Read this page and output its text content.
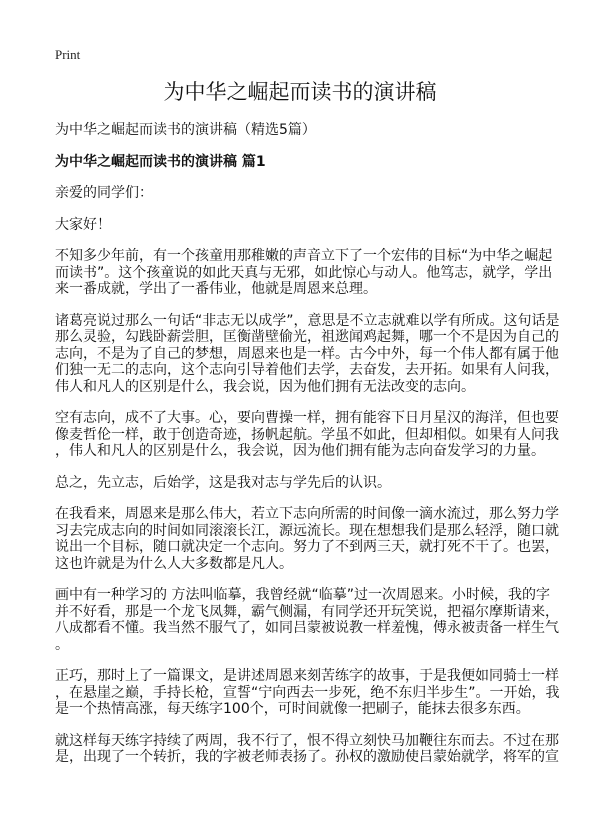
Print
为中华之崛起而读书的演讲稿
为中华之崛起而读书的演讲稿（精选5篇）
为中华之崛起而读书的演讲稿 篇1
亲爱的同学们：
大家好！
不知多少年前，有一个孩童用那稚嫩的声音立下了一个宏伟的目标“为中华之崛起
而读书”。这个孩童说的如此天真与无邪，如此惊心与动人。他笃志，就学，学出
来一番成就，学出了一番伟业，他就是周恩来总理。
诸葛亮说过那么一句话“非志无以成学”，意思是不立志就难以学有所成。这句话是
那么灵验，勾践卧薪尝胆，匡衡凿壁偷光，祖逖闻鸡起舞，哪一个不是因为自己的
志向，不是为了自己的梦想，周恩来也是一样。古今中外，每一个伟人都有属于他
们独一无二的志向，这个志向引导着他们去学，去奋发，去开拓。如果有人问我，
伟人和凡人的区别是什么，我会说，因为他们拥有无法改变的志向。
空有志向，成不了大事。心，要向曹操一样，拥有能容下日月星汉的海洋，但也要
像麦哲伦一样，敢于创造奇迹，扬帆起航。学虽不如此，但却相似。如果有人问我
，伟人和凡人的区别是什么，我会说，因为他们拥有能为志向奋发学习的力量。
总之，先立志，后始学，这是我对志与学先后的认识。
在我看来，周恩来是那么伟大，若立下志向所需的时间像一滴水流过，那么努力学
习去完成志向的时间如同滚滚长江，源远流长。现在想想我们是那么轻浮，随口就
说出一个目标，随口就决定一个志向。努力了不到两三天，就打死不干了。也罢，
这也许就是为什么人大多数都是凡人。
画中有一种学习的 方法叫临摹，我曾经就“临摹”过一次周恩来。小时候，我的字
并不好看，那是一个龙飞凤舞，霸气侧漏，有同学还开玩笑说，把福尔摩斯请来，
八成都看不懂。我当然不服气了，如同吕蒙被说教一样羞愧，傅永被责备一样生气
。
正巧，那时上了一篇课文，是讲述周恩来刻苦练字的故事，于是我便如同骑士一样
，在悬崖之巅，手持长枪，宣誓“宁向西去一步死，绝不东归半步生”。一开始，我
是一个热情高涨，每天练字100个，可时间就像一把刷子，能抹去很多东西。
就这样每天练字持续了两周，我不行了，恨不得立刻快马加鞭往东而去。不过在那
是，出现了一个转折，我的字被老师表扬了。孙权的激励使吕蒙始就学，将军的宣
